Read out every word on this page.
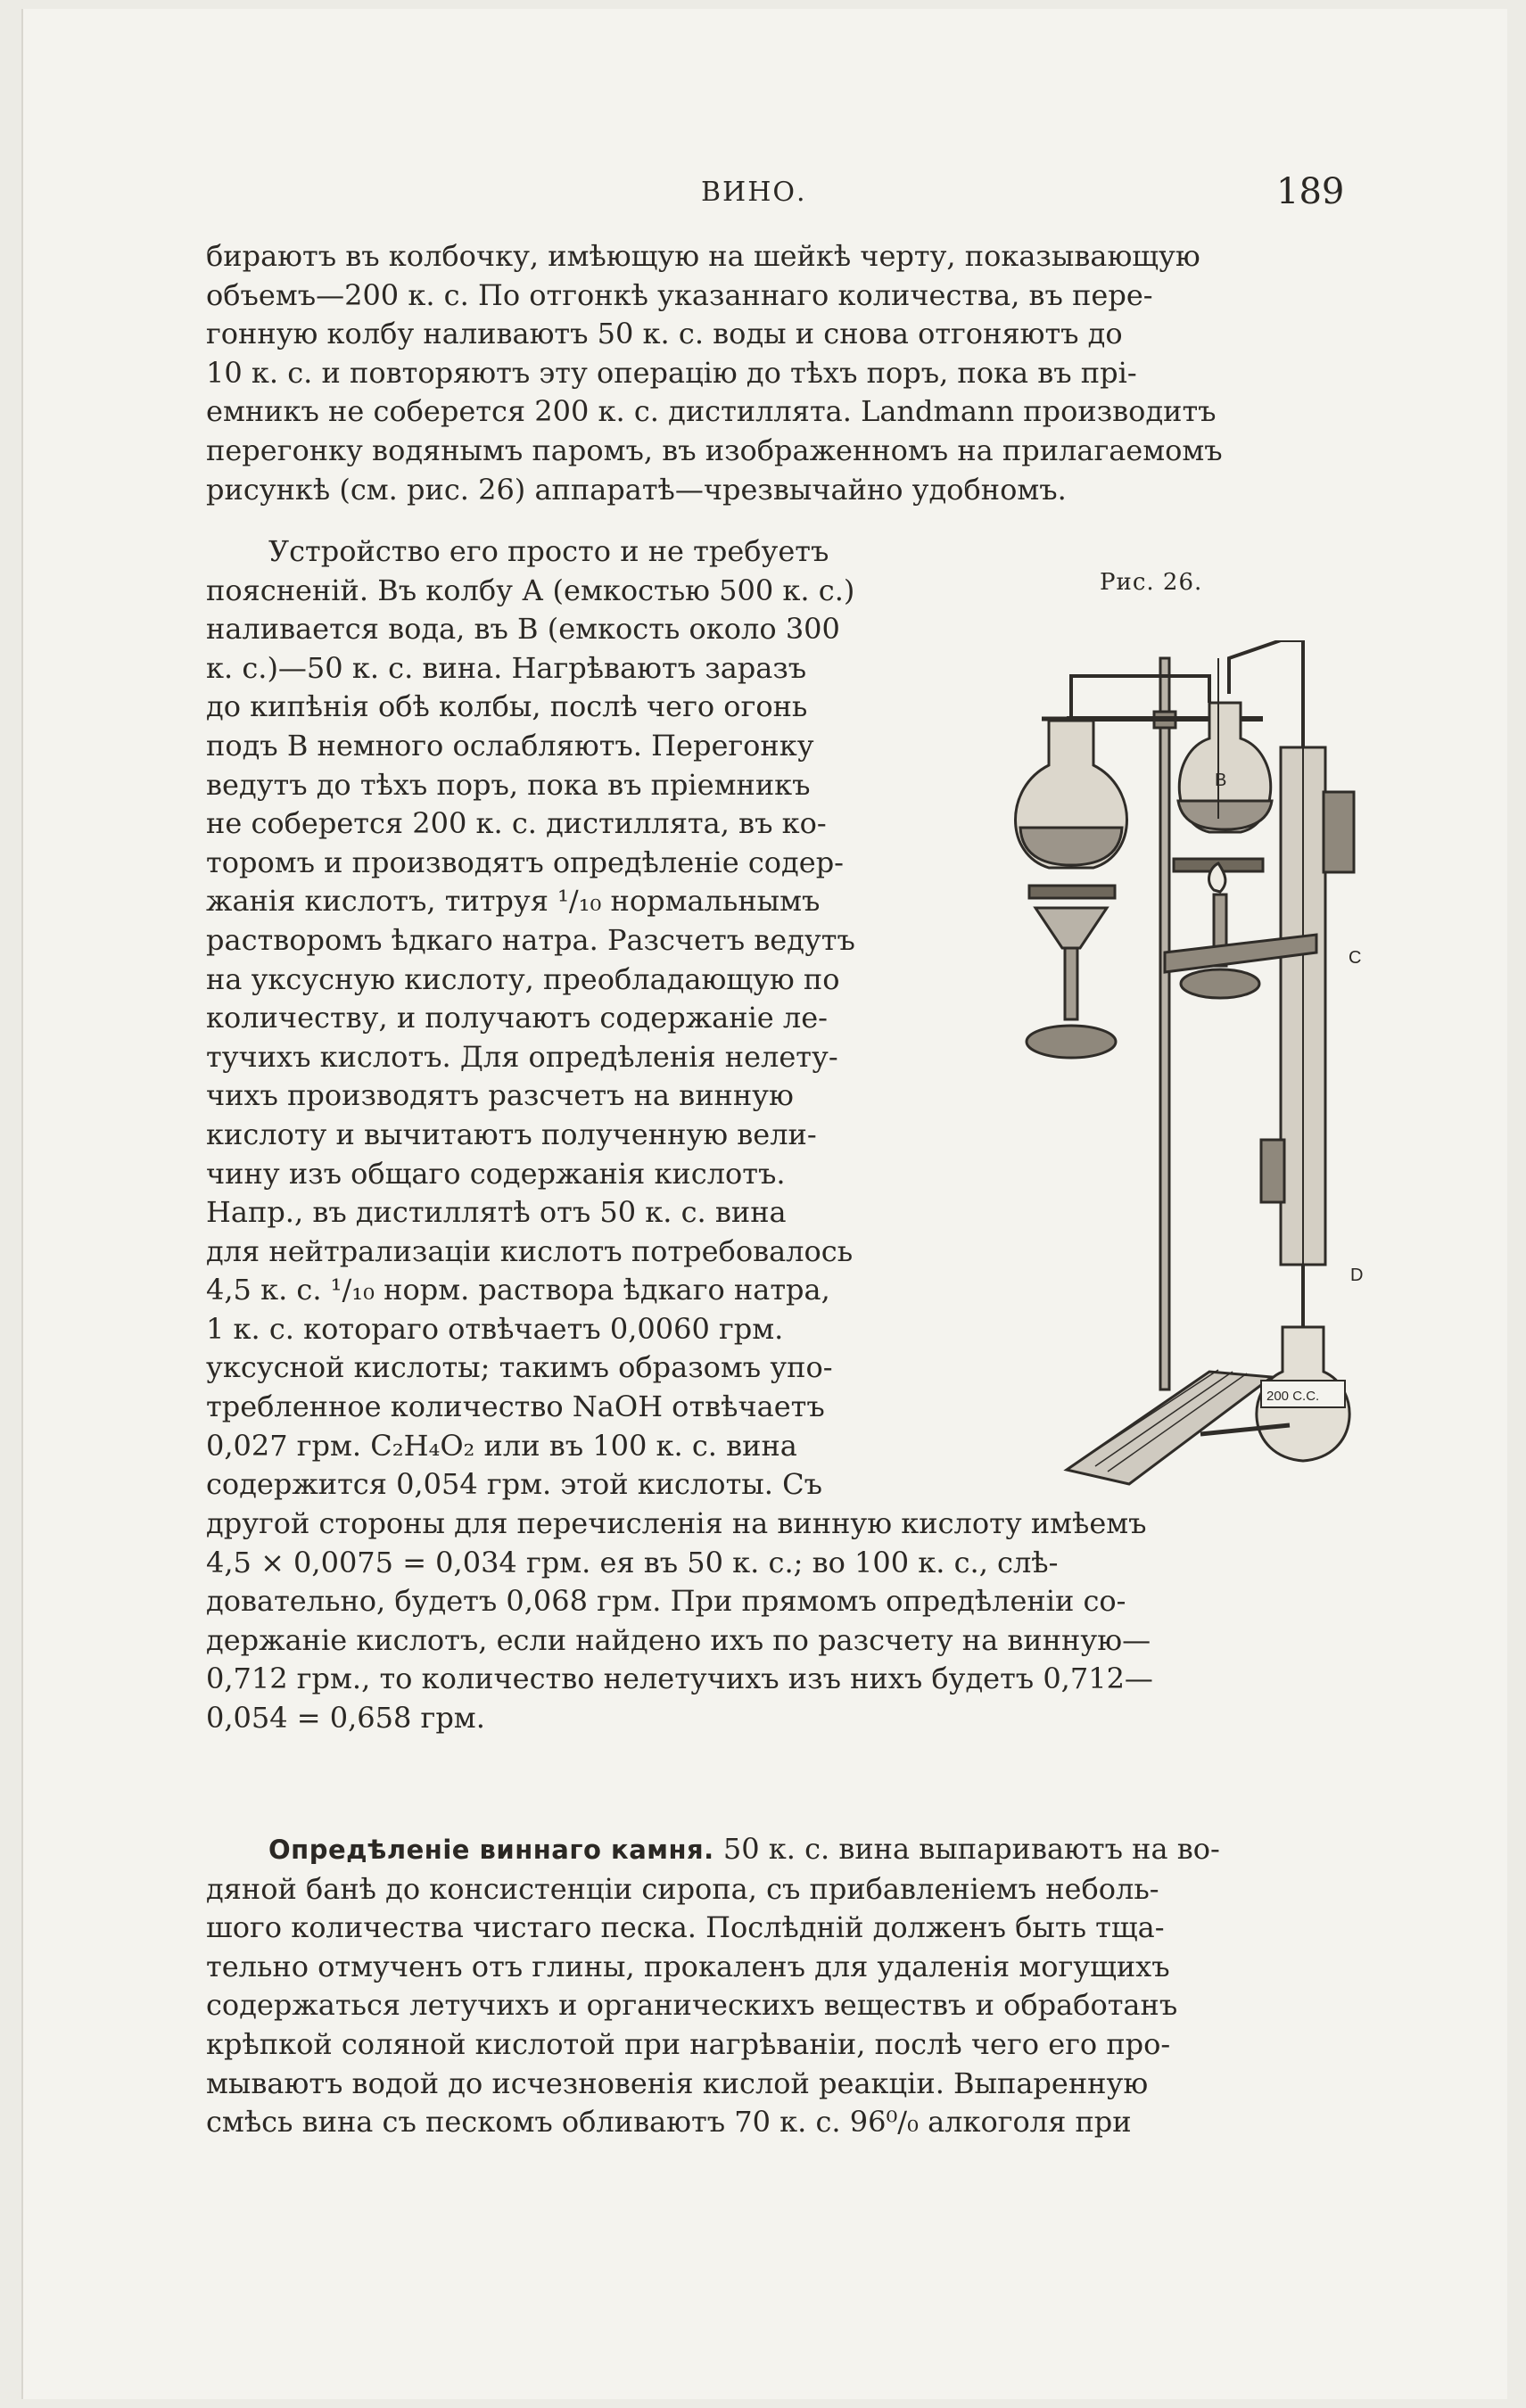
ВИНО.	189
бираютъ въ колбочку, имѣющую на шейкѣ черту, показывающую
объемъ—200 к. с. По отгонкѣ указаннаго количества, въ пере-
гонную колбу наливаютъ 50 к. с. воды и снова отгоняютъ до
10 к. с. и повторяютъ эту операцію до тѣхъ поръ, пока въ прі-
емникъ не соберется 200 к. с. дистиллята. Landmann производитъ
перегонку водянымъ паромъ, въ изображенномъ на прилагаемомъ
рисункѣ (см. рис. 26) аппаратѣ—чрезвычайно удобномъ.
Устройство его просто и не требуетъ
поясненій. Въ колбу А (емкостью 500 к. с.)
наливается вода, въ В (емкость около 300
к. с.)—50 к. с. вина. Нагрѣваютъ заразъ
до кипѣнія обѣ колбы, послѣ чего огонь
подъ В немного ослабляютъ. Перегонку
ведутъ до тѣхъ поръ, пока въ пріемникъ
не соберется 200 к. с. дистиллята, въ ко-
торомъ и производятъ опредѣленіе содер-
жанія кислотъ, титруя ¹/₁₀ нормальнымъ
растворомъ ѣдкаго натра. Разсчетъ ведутъ
на уксусную кислоту, преобладающую по
количеству, и получаютъ содержаніе ле-
тучихъ кислотъ. Для опредѣленія нелету-
чихъ производятъ разсчетъ на винную
кислоту и вычитаютъ полученную вели-
чину изъ общаго содержанія кислотъ.
Напр., въ дистиллятѣ отъ 50 к. с. вина
для нейтрализаціи кислотъ потребовалось
4,5 к. с. ¹/₁₀ норм. раствора ѣдкаго натра,
1 к. с. котораго отвѣчаетъ 0,0060 грм.
уксусной кислоты; такимъ образомъ упо-
требленное количество NaOH отвѣчаетъ
0,027 грм. C₂H₄O₂ или въ 100 к. с. вина
содержится 0,054 грм. этой кислоты. Съ
другой стороны для перечисленія на винную кислоту имѣемъ
4,5 × 0,0075 = 0,034 грм. ея въ 50 к. с.; во 100 к. с., слѣ-
довательно, будетъ 0,068 грм. При прямомъ опредѣленіи со-
держаніе кислотъ, если найдено ихъ по разсчету на винную—
0,712 грм., то количество нелетучихъ изъ нихъ будетъ 0,712—
0,054 = 0,658 грм.
Опредѣленіе виннаго камня. 50 к. с. вина выпариваютъ на во-
дяной банѣ до консистенціи сиропа, съ прибавленіемъ неболь-
шого количества чистаго песка. Послѣдній долженъ быть тща-
тельно отмученъ отъ глины, прокаленъ для удаленія могущихъ
содержаться летучихъ и органическихъ веществъ и обработанъ
крѣпкой соляной кислотой при нагрѣваніи, послѣ чего его про-
мываютъ водой до исчезновенія кислой реакціи. Выпаренную
смѣсь вина съ пескомъ обливаютъ 70 к. с. 96⁰/₀ алкоголя при
Рис. 26.
B
C
D
200 C.C.
